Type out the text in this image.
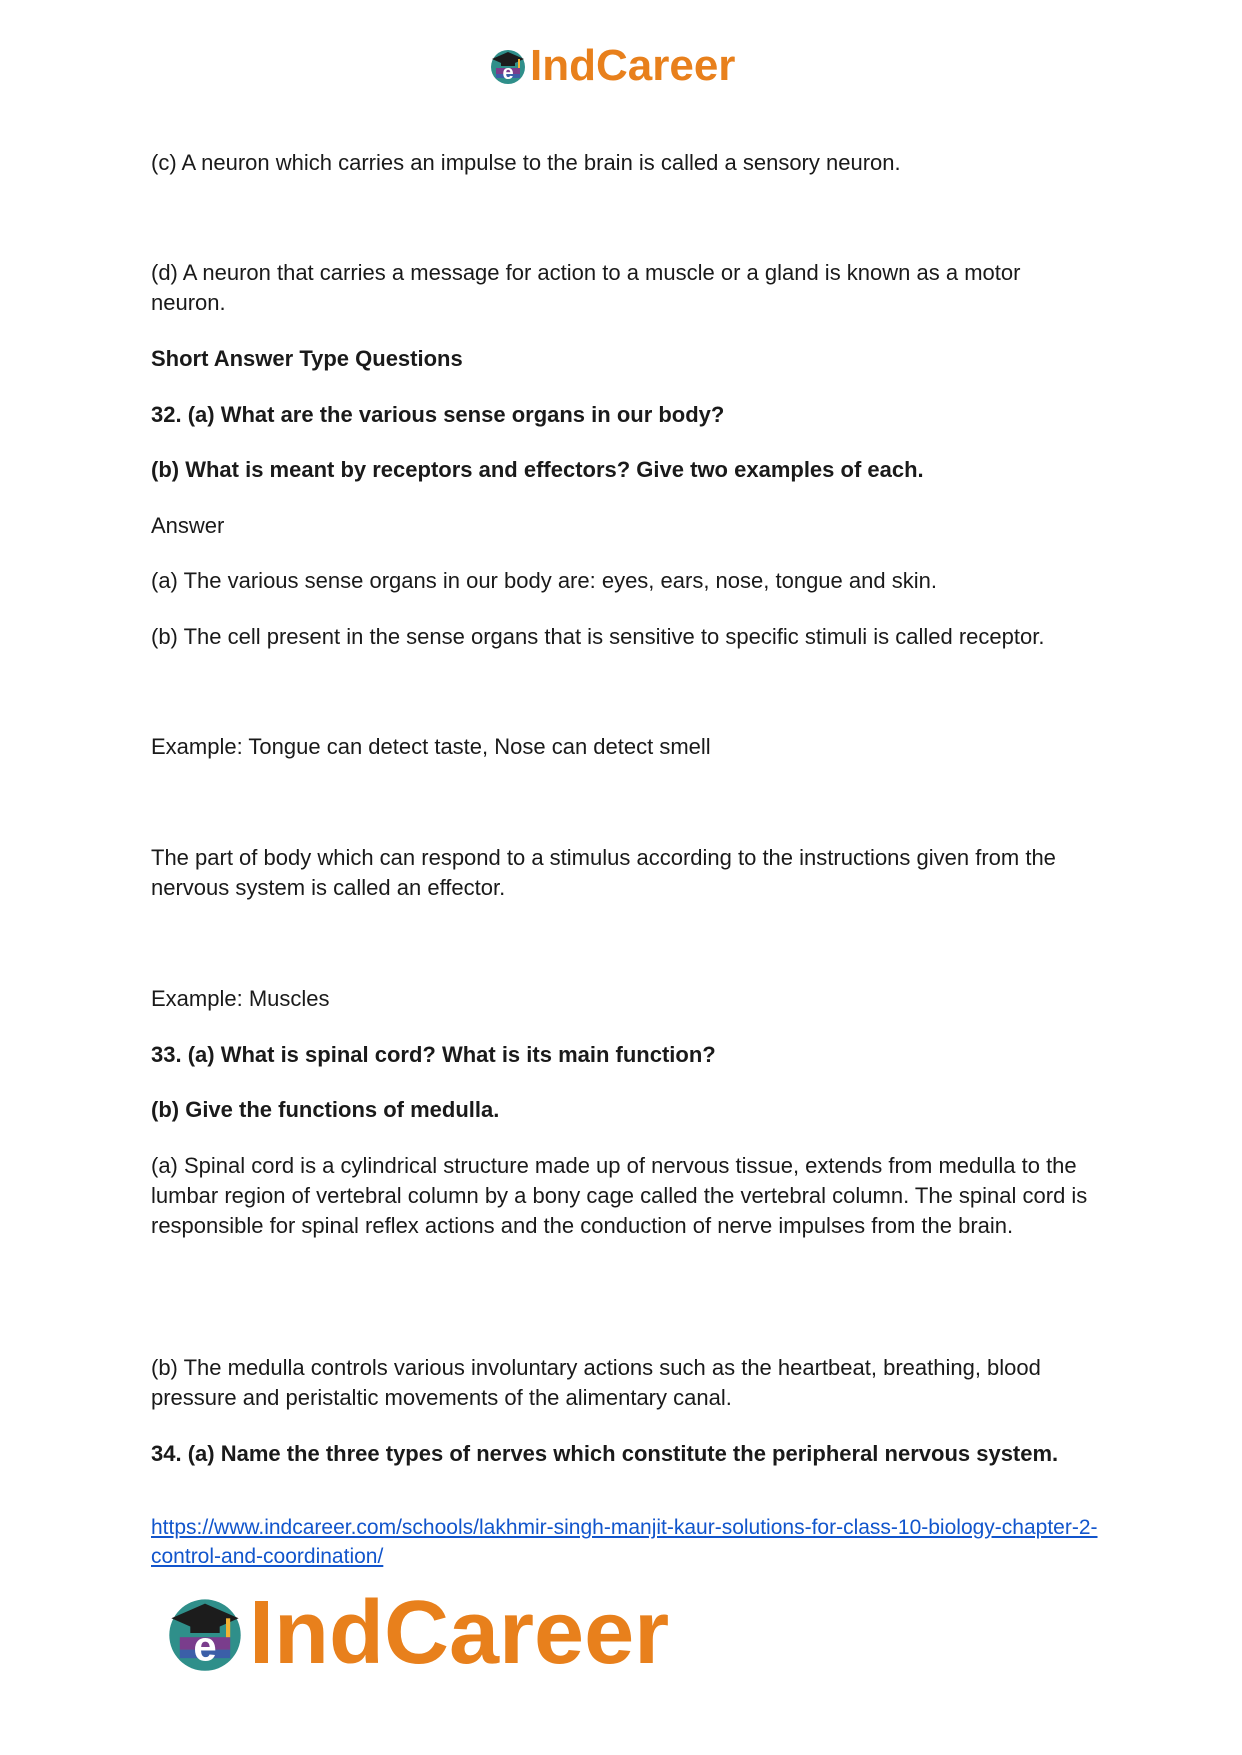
e IndCareer

(c) A neuron which carries an impulse to the brain is called a sensory neuron.

(d) A neuron that carries a message for action to a muscle or a gland is known as a motor neuron.

Short Answer Type Questions

32. (a) What are the various sense organs in our body?

(b) What is meant by receptors and effectors? Give two examples of each.

Answer

(a) The various sense organs in our body are: eyes, ears, nose, tongue and skin.

(b) The cell present in the sense organs that is sensitive to specific stimuli is called receptor.

Example: Tongue can detect taste, Nose can detect smell

The part of body which can respond to a stimulus according to the instructions given from the nervous system is called an effector.

Example: Muscles

33. (a) What is spinal cord? What is its main function?

(b) Give the functions of medulla.

(a) Spinal cord is a cylindrical structure made up of nervous tissue, extends from medulla to the lumbar region of vertebral column by a bony cage called the vertebral column. The spinal cord is responsible for spinal reflex actions and the conduction of nerve impulses from the brain.

(b) The medulla controls various involuntary actions such as the heartbeat, breathing, blood pressure and peristaltic movements of the alimentary canal.

34. (a) Name the three types of nerves which constitute the peripheral nervous system.

https://www.indcareer.com/schools/lakhmir-singh-manjit-kaur-solutions-for-class-10-biology-chapter-2-control-and-coordination/

e IndCareer
